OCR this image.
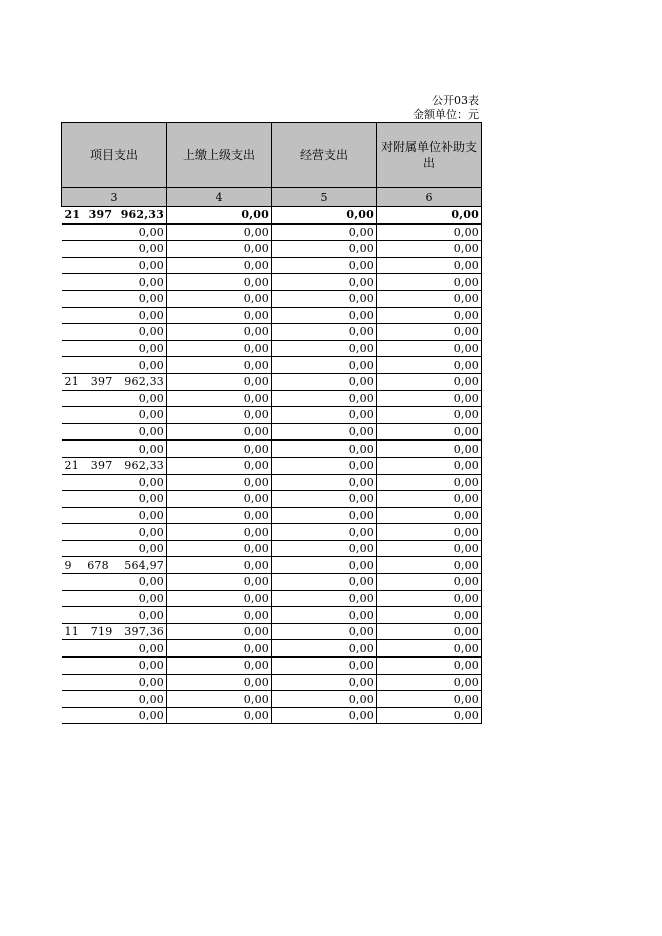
公开03表
金额单位：元
项目支出	上缴上级支出	经营支出	对附属单位补助支出
3	4	5	6

21 397 962,33	0,00	0,00	0,00
0,00	0,00	0,00	0,00
0,00	0,00	0,00	0,00
0,00	0,00	0,00	0,00
0,00	0,00	0,00	0,00
0,00	0,00	0,00	0,00
0,00	0,00	0,00	0,00
0,00	0,00	0,00	0,00
0,00	0,00	0,00	0,00
0,00	0,00	0,00	0,00

21 397 962,33	0,00	0,00	0,00
0,00	0,00	0,00	0,00
0,00	0,00	0,00	0,00
0,00	0,00	0,00	0,00
0,00	0,00	0,00	0,00

21 397 962,33	0,00	0,00	0,00
0,00	0,00	0,00	0,00
0,00	0,00	0,00	0,00
0,00	0,00	0,00	0,00
0,00	0,00	0,00	0,00
0,00	0,00	0,00	0,00

9 678 564,97	0,00	0,00	0,00
0,00	0,00	0,00	0,00
0,00	0,00	0,00	0,00
0,00	0,00	0,00	0,00

11 719 397,36	0,00	0,00	0,00
0,00	0,00	0,00	0,00
0,00	0,00	0,00	0,00
0,00	0,00	0,00	0,00
0,00	0,00	0,00	0,00
0,00	0,00	0,00	0,00
